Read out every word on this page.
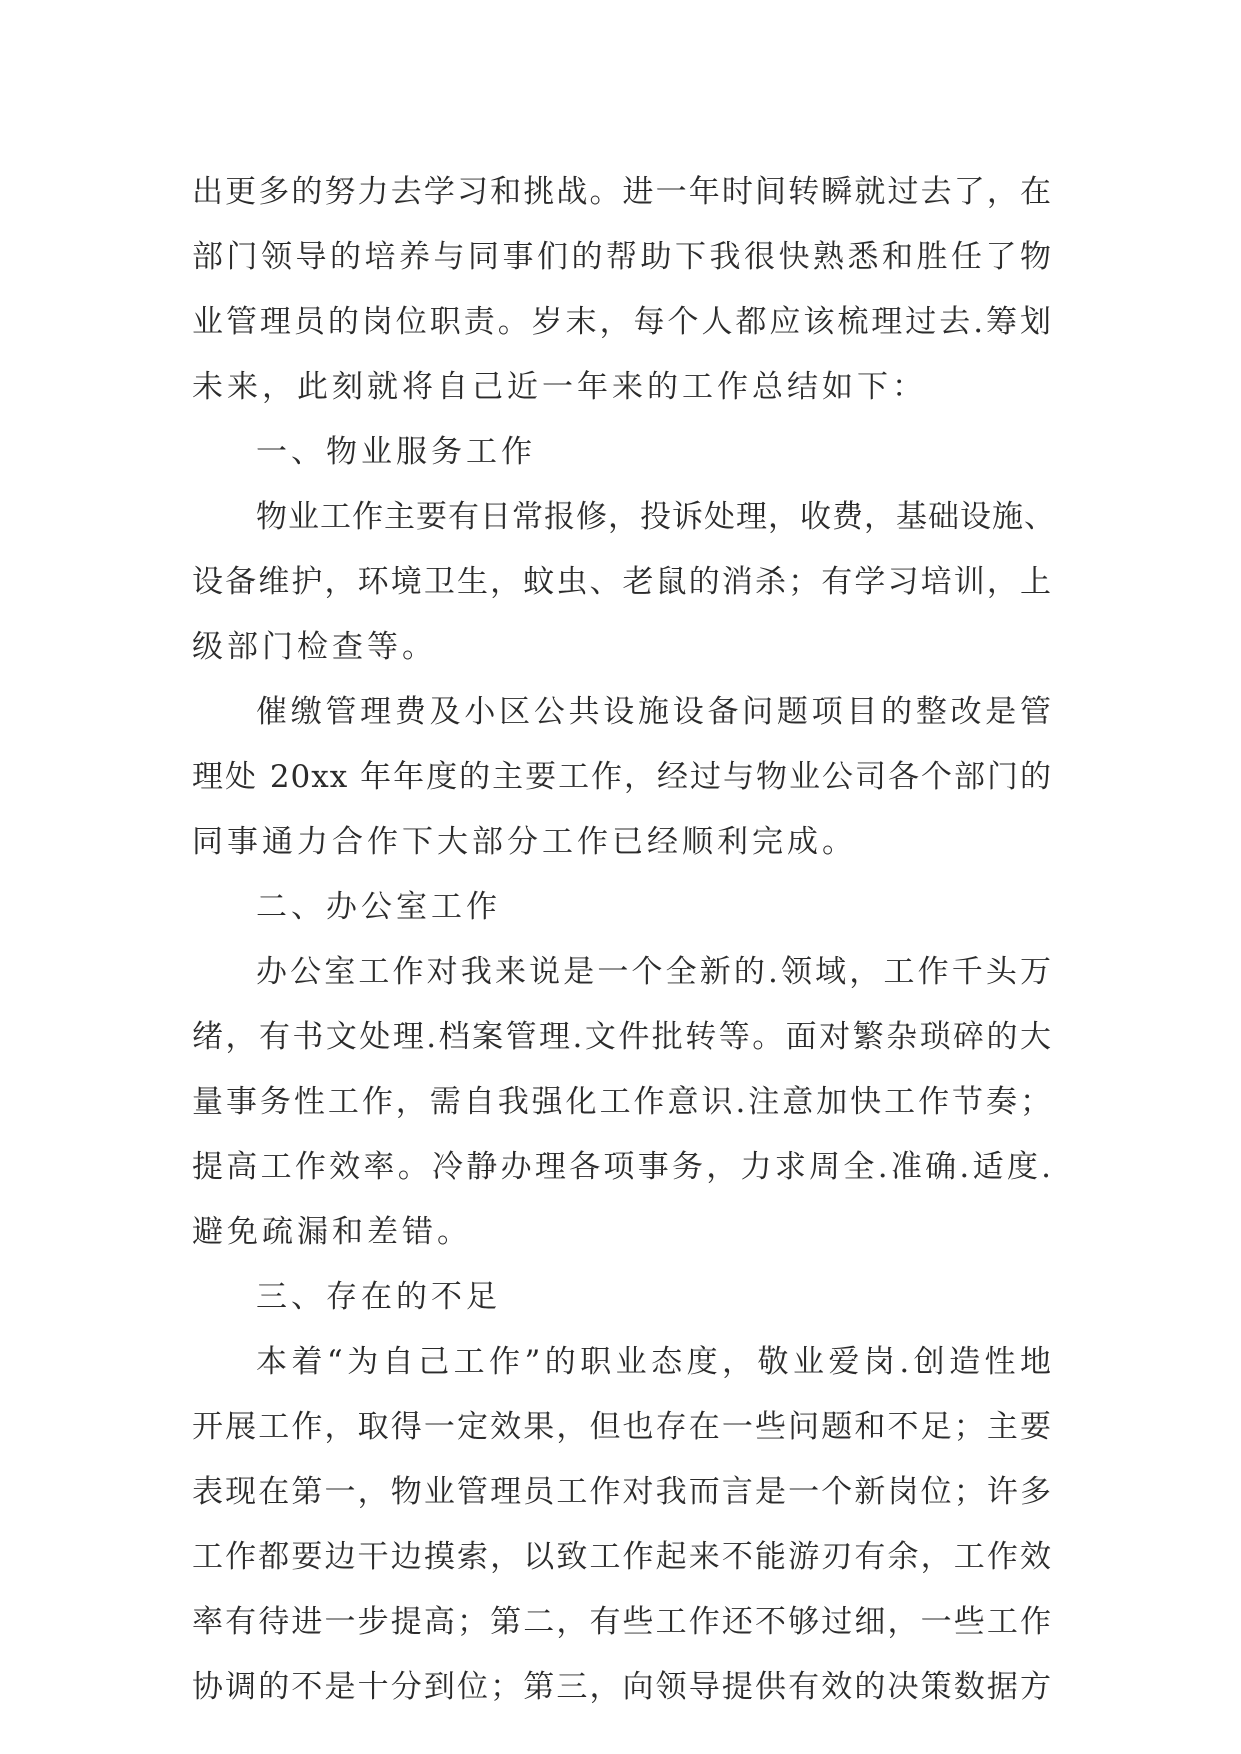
出更多的努力去学习和挑战。进一年时间转瞬就过去了，在
部门领导的培养与同事们的帮助下我很快熟悉和胜任了物
业管理员的岗位职责。岁末，每个人都应该梳理过去.筹划
未来，此刻就将自己近一年来的工作总结如下：
一、物业服务工作
物业工作主要有日常报修，投诉处理，收费，基础设施、
设备维护，环境卫生，蚊虫、老鼠的消杀；有学习培训，上
级部门检查等。
催缴管理费及小区公共设施设备问题项目的整改是管
理处 20xx 年年度的主要工作，经过与物业公司各个部门的
同事通力合作下大部分工作已经顺利完成。
二、办公室工作
办公室工作对我来说是一个全新的.领域，工作千头万
绪，有书文处理.档案管理.文件批转等。面对繁杂琐碎的大
量事务性工作，需自我强化工作意识.注意加快工作节奏；
提高工作效率。冷静办理各项事务，力求周全.准确.适度.
避免疏漏和差错。
三、存在的不足
本着“为自己工作”的职业态度，敬业爱岗.创造性地
开展工作，取得一定效果，但也存在一些问题和不足；主要
表现在第一，物业管理员工作对我而言是一个新岗位；许多
工作都要边干边摸索，以致工作起来不能游刃有余，工作效
率有待进一步提高；第二，有些工作还不够过细，一些工作
协调的不是十分到位；第三，向领导提供有效的决策数据方
